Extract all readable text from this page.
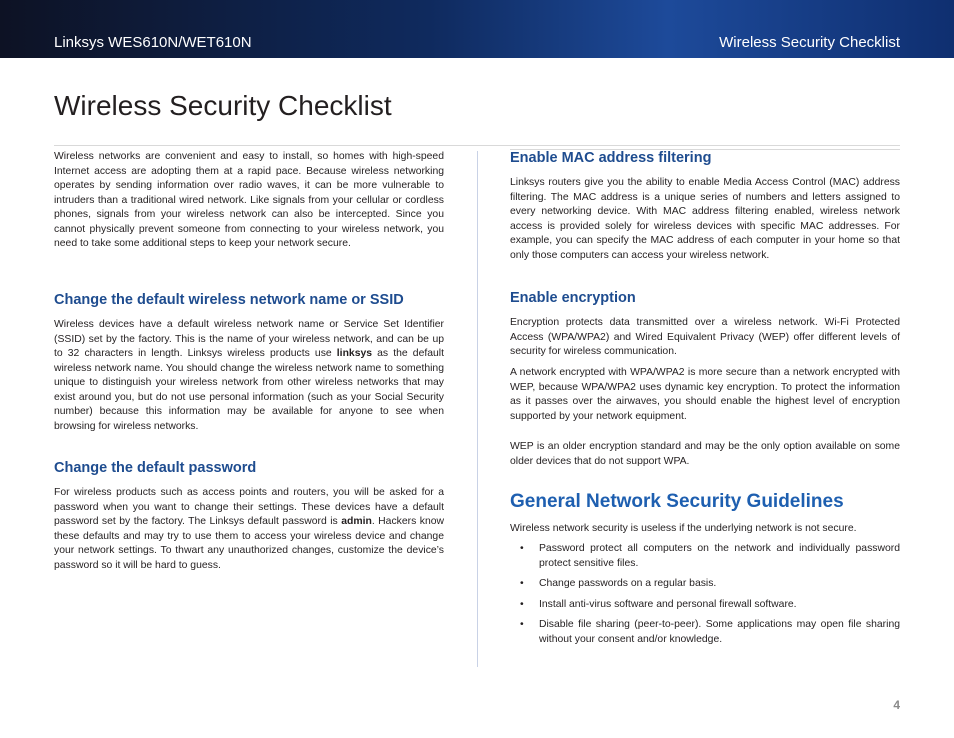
Linksys WES610N/WET610N	Wireless Security Checklist
Wireless Security Checklist

Wireless networks are convenient and easy to install, so homes with high-speed Internet access are adopting them at a rapid pace. Because wireless networking operates by sending information over radio waves, it can be more vulnerable to intruders than a traditional wired network. Like signals from your cellular or cordless phones, signals from your wireless network can also be intercepted. Since you cannot physically prevent someone from connecting to your wireless network, you need to take some additional steps to keep your network secure.

Change the default wireless network name or SSID

Wireless devices have a default wireless network name or Service Set Identifier (SSID) set by the factory. This is the name of your wireless network, and can be up to 32 characters in length. Linksys wireless products use linksys as the default wireless network name. You should change the wireless network name to something unique to distinguish your wireless network from other wireless networks that may exist around you, but do not use personal information (such as your Social Security number) because this information may be available for anyone to see when browsing for wireless networks.

Change the default password

For wireless products such as access points and routers, you will be asked for a password when you want to change their settings. These devices have a default password set by the factory. The Linksys default password is admin. Hackers know these defaults and may try to use them to access your wireless device and change your network settings. To thwart any unauthorized changes, customize the device’s password so it will be hard to guess.

Enable MAC address filtering

Linksys routers give you the ability to enable Media Access Control (MAC) address filtering. The MAC address is a unique series of numbers and letters assigned to every networking device. With MAC address filtering enabled, wireless network access is provided solely for wireless devices with specific MAC addresses. For example, you can specify the MAC address of each computer in your home so that only those computers can access your wireless network.

Enable encryption

Encryption protects data transmitted over a wireless network. Wi-Fi Protected Access (WPA/WPA2) and Wired Equivalent Privacy (WEP) offer different levels of security for wireless communication.

A network encrypted with WPA/WPA2 is more secure than a network encrypted with WEP, because WPA/WPA2 uses dynamic key encryption. To protect the information as it passes over the airwaves, you should enable the highest level of encryption supported by your network equipment.

WEP is an older encryption standard and may be the only option available on some older devices that do not support WPA.

General Network Security Guidelines

Wireless network security is useless if the underlying network is not secure.

• Password protect all computers on the network and individually password protect sensitive files.
• Change passwords on a regular basis.
• Install anti-virus software and personal firewall software.
• Disable file sharing (peer-to-peer). Some applications may open file sharing without your consent and/or knowledge.
4
